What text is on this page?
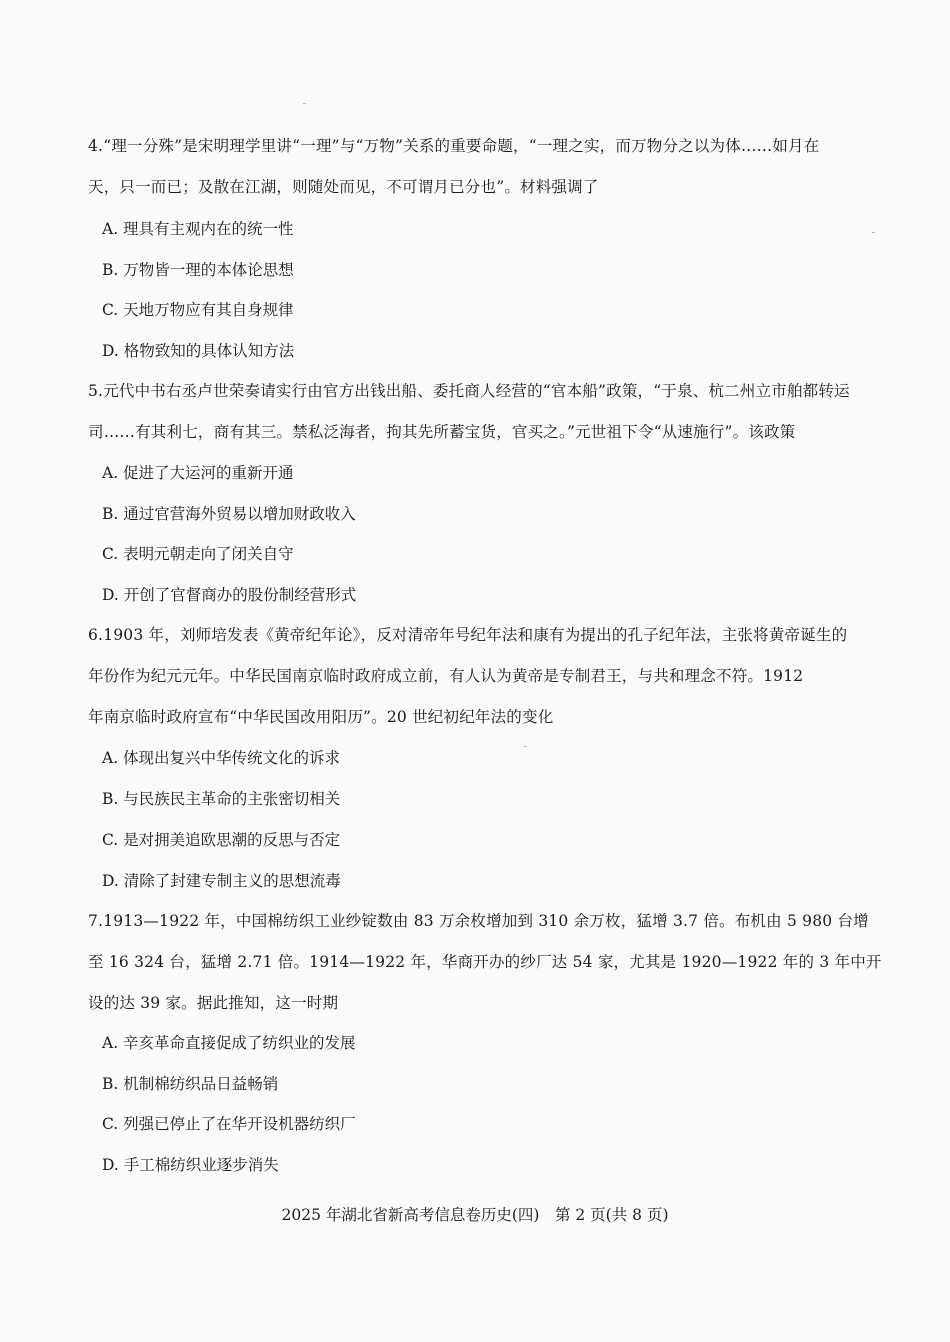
4.“理一分殊”是宋明理学里讲“一理”与“万物”关系的重要命题，“一理之实，而万物分之以为体……如月在
天，只一而已；及散在江湖，则随处而见，不可谓月已分也”。材料强调了
A. 理具有主观内在的统一性
B. 万物皆一理的本体论思想
C. 天地万物应有其自身规律
D. 格物致知的具体认知方法
5.元代中书右丞卢世荣奏请实行由官方出钱出船、委托商人经营的“官本船”政策，“于泉、杭二州立市舶都转运
司……有其利七，商有其三。禁私泛海者，拘其先所蓄宝货，官买之。”元世祖下令“从速施行”。该政策
A. 促进了大运河的重新开通
B. 通过官营海外贸易以增加财政收入
C. 表明元朝走向了闭关自守
D. 开创了官督商办的股份制经营形式
6.1903 年，刘师培发表《黄帝纪年论》，反对清帝年号纪年法和康有为提出的孔子纪年法，主张将黄帝诞生的
年份作为纪元元年。中华民国南京临时政府成立前，有人认为黄帝是专制君王，与共和理念不符。1912
年南京临时政府宣布“中华民国改用阳历”。20 世纪初纪年法的变化
A. 体现出复兴中华传统文化的诉求
B. 与民族民主革命的主张密切相关
C. 是对拥美追欧思潮的反思与否定
D. 清除了封建专制主义的思想流毒
7.1913—1922 年，中国棉纺织工业纱锭数由 83 万余枚增加到 310 余万枚，猛增 3.7 倍。布机由 5 980 台增
至 16 324 台，猛增 2.71 倍。1914—1922 年，华商开办的纱厂达 54 家，尤其是 1920—1922 年的 3 年中开
设的达 39 家。据此推知，这一时期
A. 辛亥革命直接促成了纺织业的发展
B. 机制棉纺织品日益畅销
C. 列强已停止了在华开设机器纺织厂
D. 手工棉纺织业逐步消失
2025 年湖北省新高考信息卷历史(四)　第 2 页(共 8 页)
